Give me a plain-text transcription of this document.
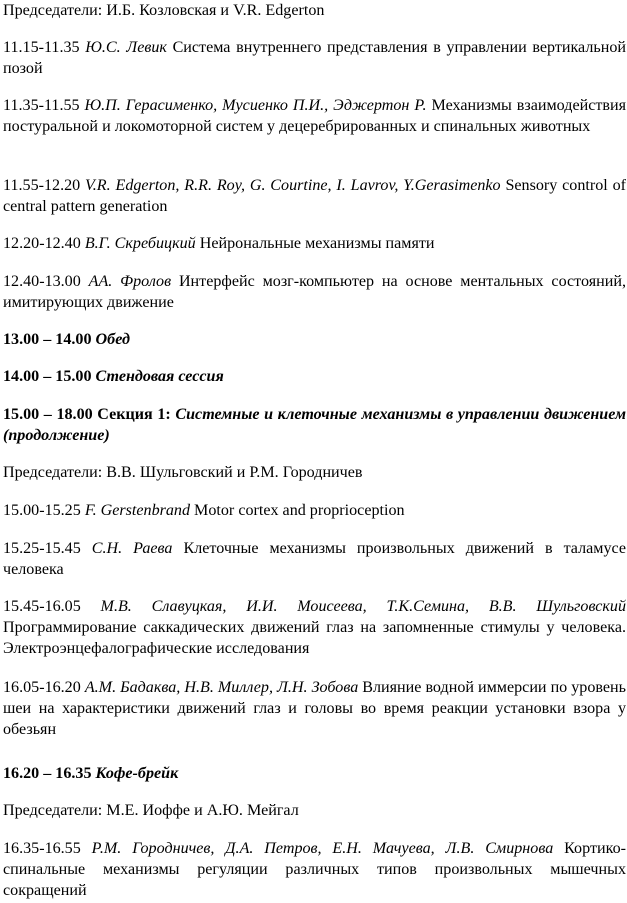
Председатели: И.Б. Козловская и V.R. Edgerton

11.15-11.35 Ю.С. Левик Система внутреннего представления в управлении вертикальной позой

11.35-11.55 Ю.П. Герасименко, Мусиенко П.И., Эджертон Р. Механизмы взаимодействия постуральной и локомоторной систем у децеребрированных и спинальных животных

11.55-12.20 V.R. Edgerton, R.R. Roy, G. Courtine, I. Lavrov, Y.Gerasimenko Sensory control of central pattern generation

12.20-12.40 В.Г. Скребицкий Нейрональные механизмы памяти

12.40-13.00 АА. Фролов Интерфейс мозг-компьютер на основе ментальных состояний, имитирующих движение

13.00 – 14.00 Обед

14.00 – 15.00 Стендовая сессия

15.00 – 18.00 Секция 1: Системные и клеточные механизмы в управлении движением (продолжение)

Председатели: В.В. Шульговский и Р.М. Городничев

15.00-15.25 F. Gerstenbrand Motor cortex and proprioception

15.25-15.45 С.Н. Раева Клеточные механизмы произвольных движений в таламусе человека

15.45-16.05 М.В. Славуцкая, И.И. Моисеева, Т.К.Семина, В.В. Шульговский Программирование саккадических движений глаз на запомненные стимулы у человека. Электроэнцефалографические исследования

16.05-16.20 А.М. Бадаква, Н.В. Миллер, Л.Н. Зобова Влияние водной иммерсии по уровень шеи на характеристики движений глаз и головы во время реакции установки взора у обезьян

16.20 – 16.35 Кофе-брейк

Председатели: М.Е. Иоффе и А.Ю. Мейгал

16.35-16.55 Р.М. Городничев, Д.А. Петров, Е.Н. Мачуева, Л.В. Смирнова Кортико-спинальные механизмы регуляции различных типов произвольных мышечных сокращений
